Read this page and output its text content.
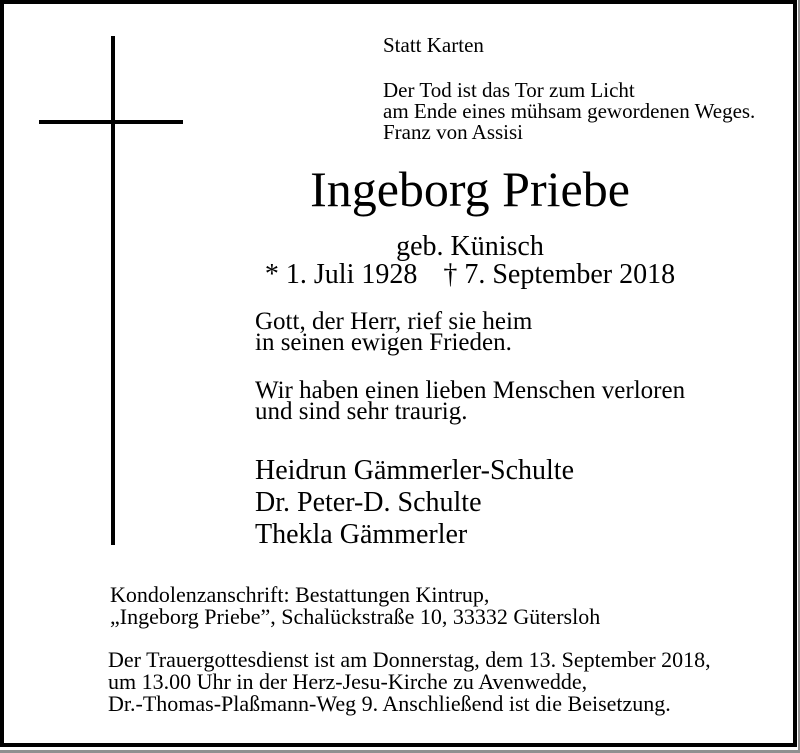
Statt Karten
Der Tod ist das Tor zum Licht
am Ende eines mühsam gewordenen Weges.
Franz von Assisi
Ingeborg Priebe
geb. Künisch
* 1. Juli 1928 † 7. September 2018
Gott, der Herr, rief sie heim
in seinen ewigen Frieden.
Wir haben einen lieben Menschen verloren
und sind sehr traurig.
Heidrun Gämmerler-Schulte
Dr. Peter-D. Schulte
Thekla Gämmerler
Kondolenzanschrift: Bestattungen Kintrup,
„Ingeborg Priebe”, Schalückstraße 10, 33332 Gütersloh
Der Trauergottesdienst ist am Donnerstag, dem 13. September 2018,
um 13.00 Uhr in der Herz-Jesu-Kirche zu Avenwedde,
Dr.-Thomas-Plaßmann-Weg 9. Anschließend ist die Beisetzung.
